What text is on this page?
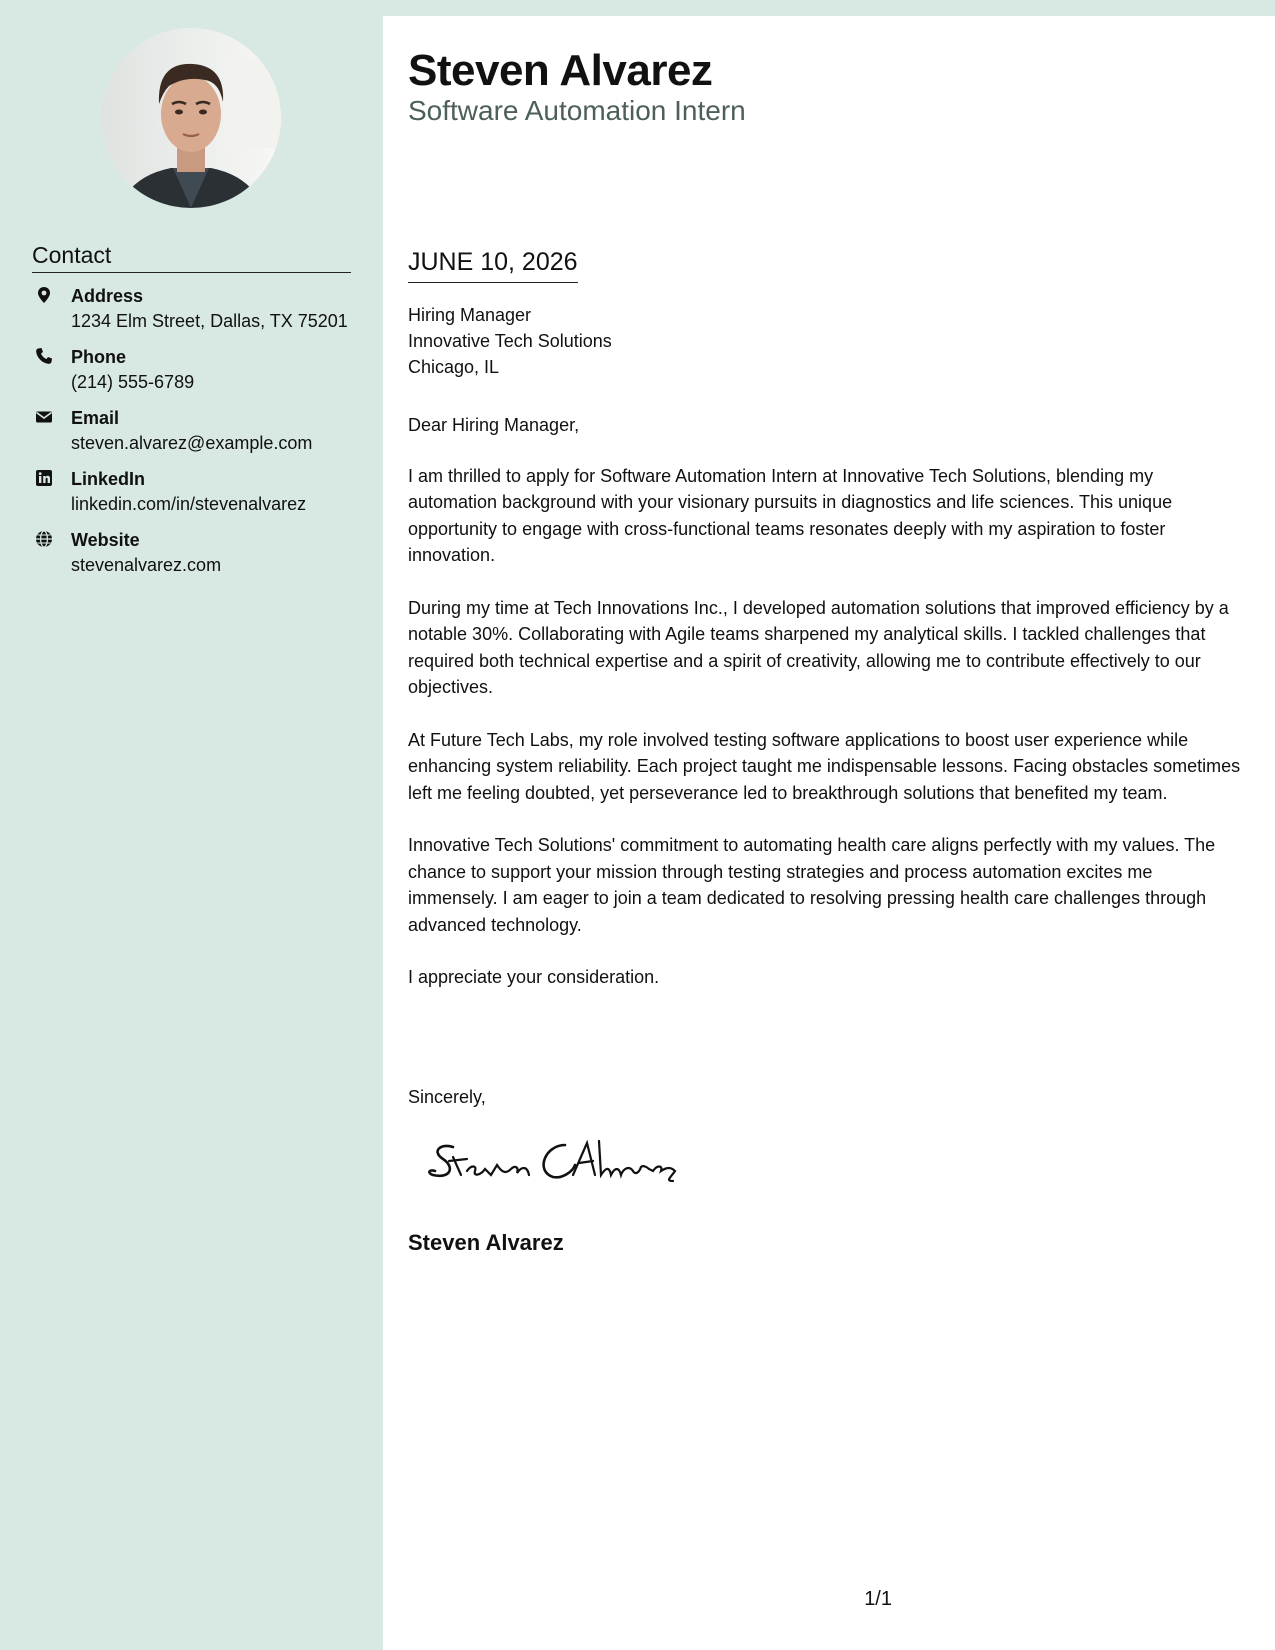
Contact
Address
1234 Elm Street, Dallas, TX 75201
Phone
(214) 555-6789
Email
steven.alvarez@example.com
LinkedIn
linkedin.com/in/stevenalvarez
Website
stevenalvarez.com
Steven Alvarez
Software Automation Intern
JUNE 10, 2026
Hiring Manager
Innovative Tech Solutions
Chicago, IL

Dear Hiring Manager,

I am thrilled to apply for Software Automation Intern at Innovative Tech Solutions, blending my automation background with your visionary pursuits in diagnostics and life sciences. This unique opportunity to engage with cross-functional teams resonates deeply with my aspiration to foster innovation.

During my time at Tech Innovations Inc., I developed automation solutions that improved efficiency by a notable 30%. Collaborating with Agile teams sharpened my analytical skills. I tackled challenges that required both technical expertise and a spirit of creativity, allowing me to contribute effectively to our objectives.

At Future Tech Labs, my role involved testing software applications to boost user experience while enhancing system reliability. Each project taught me indispensable lessons. Facing obstacles sometimes left me feeling doubted, yet perseverance led to breakthrough solutions that benefited my team.

Innovative Tech Solutions' commitment to automating health care aligns perfectly with my values. The chance to support your mission through testing strategies and process automation excites me immensely. I am eager to join a team dedicated to resolving pressing health care challenges through advanced technology.

I appreciate your consideration.

Sincerely,
Steven Alvarez
1/1
